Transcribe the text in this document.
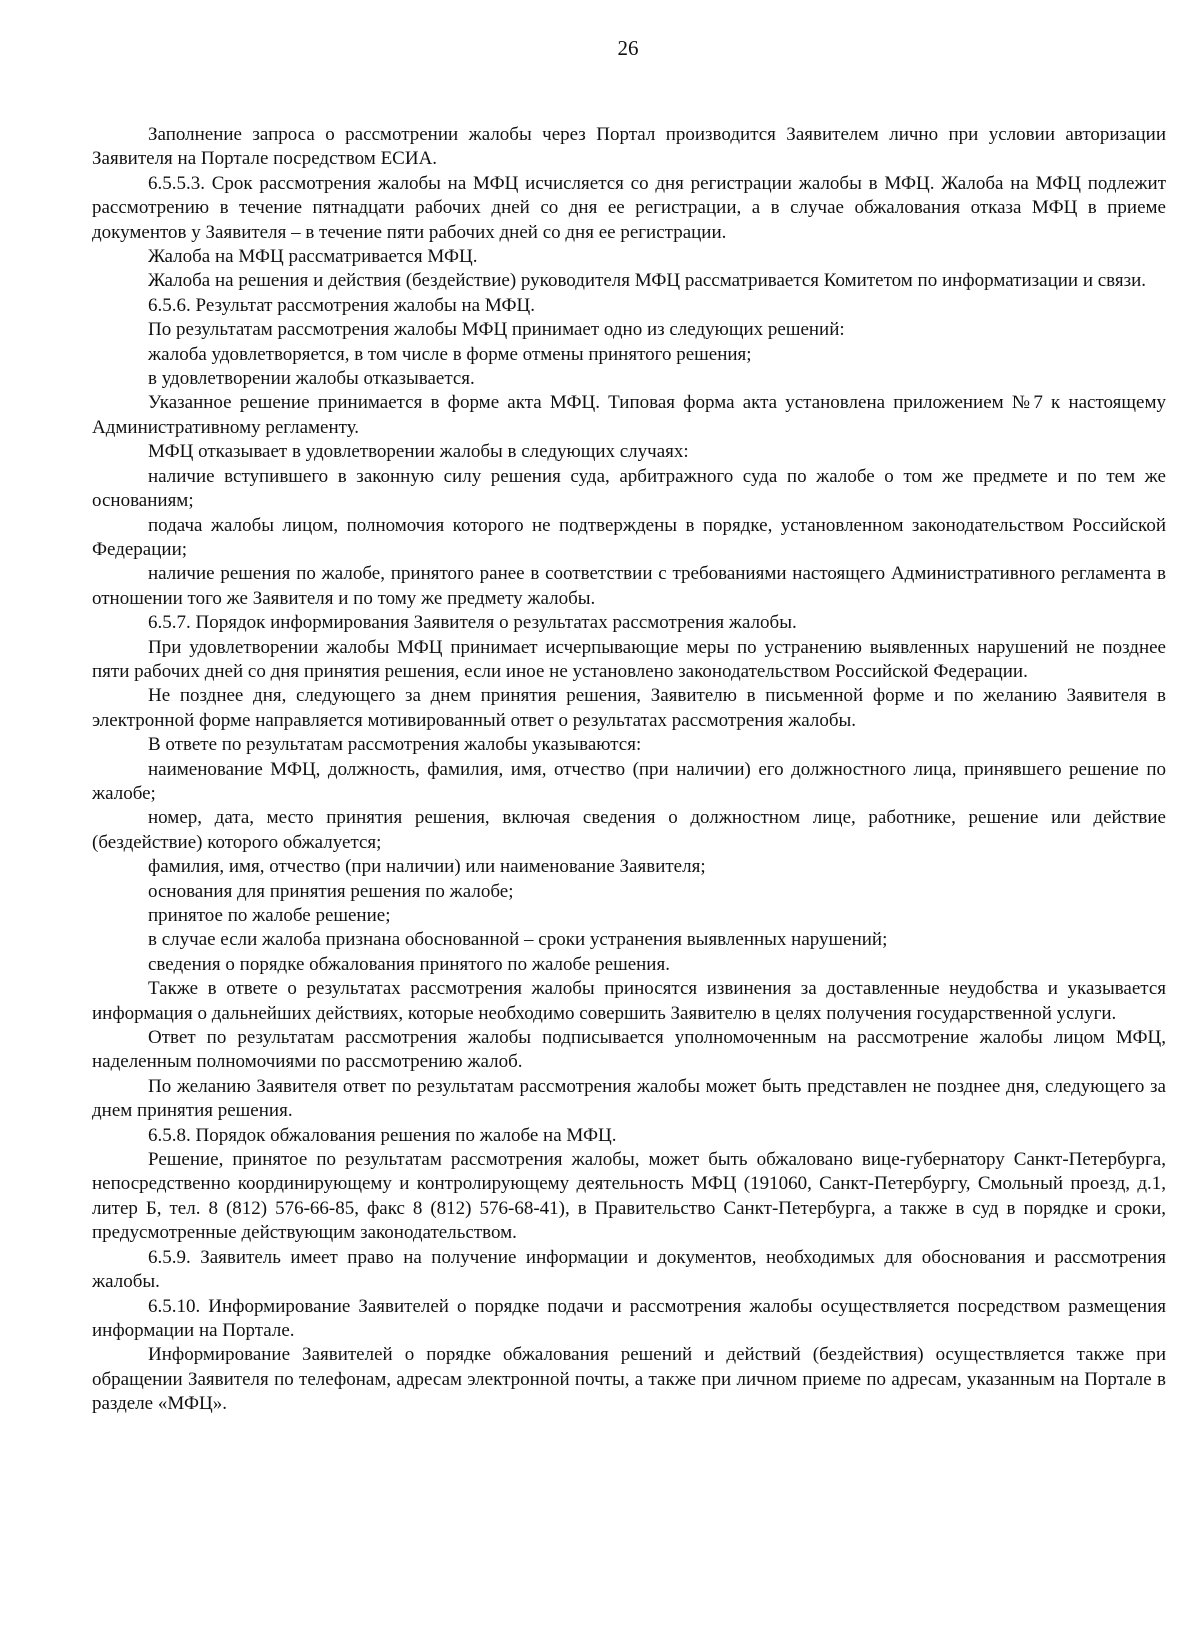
26

Заполнение запроса о рассмотрении жалобы через Портал производится Заявителем лично при условии авторизации Заявителя на Портале посредством ЕСИА.

6.5.5.3. Срок рассмотрения жалобы на МФЦ исчисляется со дня регистрации жалобы в МФЦ. Жалоба на МФЦ подлежит рассмотрению в течение пятнадцати рабочих дней со дня ее регистрации, а в случае обжалования отказа МФЦ в приеме документов у Заявителя – в течение пяти рабочих дней со дня ее регистрации.

Жалоба на МФЦ рассматривается МФЦ.

Жалоба на решения и действия (бездействие) руководителя МФЦ рассматривается Комитетом по информатизации и связи.

6.5.6. Результат рассмотрения жалобы на МФЦ.

По результатам рассмотрения жалобы МФЦ принимает одно из следующих решений:

жалоба удовлетворяется, в том числе в форме отмены принятого решения;

в удовлетворении жалобы отказывается.

Указанное решение принимается в форме акта МФЦ. Типовая форма акта установлена приложением №7 к настоящему Административному регламенту.

МФЦ отказывает в удовлетворении жалобы в следующих случаях:

наличие вступившего в законную силу решения суда, арбитражного суда по жалобе о том же предмете и по тем же основаниям;

подача жалобы лицом, полномочия которого не подтверждены в порядке, установленном законодательством Российской Федерации;

наличие решения по жалобе, принятого ранее в соответствии с требованиями настоящего Административного регламента в отношении того же Заявителя и по тому же предмету жалобы.

6.5.7. Порядок информирования Заявителя о результатах рассмотрения жалобы.

При удовлетворении жалобы МФЦ принимает исчерпывающие меры по устранению выявленных нарушений не позднее пяти рабочих дней со дня принятия решения, если иное не установлено законодательством Российской Федерации.

Не позднее дня, следующего за днем принятия решения, Заявителю в письменной форме и по желанию Заявителя в электронной форме направляется мотивированный ответ о результатах рассмотрения жалобы.

В ответе по результатам рассмотрения жалобы указываются:

наименование МФЦ, должность, фамилия, имя, отчество (при наличии) его должностного лица, принявшего решение по жалобе;

номер, дата, место принятия решения, включая сведения о должностном лице, работнике, решение или действие (бездействие) которого обжалуется;

фамилия, имя, отчество (при наличии) или наименование Заявителя;

основания для принятия решения по жалобе;

принятое по жалобе решение;

в случае если жалоба признана обоснованной – сроки устранения выявленных нарушений;

сведения о порядке обжалования принятого по жалобе решения.

Также в ответе о результатах рассмотрения жалобы приносятся извинения за доставленные неудобства и указывается информация о дальнейших действиях, которые необходимо совершить Заявителю в целях получения государственной услуги.

Ответ по результатам рассмотрения жалобы подписывается уполномоченным на рассмотрение жалобы лицом МФЦ, наделенным полномочиями по рассмотрению жалоб.

По желанию Заявителя ответ по результатам рассмотрения жалобы может быть представлен не позднее дня, следующего за днем принятия решения.

6.5.8. Порядок обжалования решения по жалобе на МФЦ.

Решение, принятое по результатам рассмотрения жалобы, может быть обжаловано вице-губернатору Санкт-Петербурга, непосредственно координирующему и контролирующему деятельность МФЦ (191060, Санкт-Петербургу, Смольный проезд, д.1, литер Б, тел. 8 (812) 576-66-85, факс 8 (812) 576-68-41), в Правительство Санкт-Петербурга, а также в суд в порядке и сроки, предусмотренные действующим законодательством.

6.5.9. Заявитель имеет право на получение информации и документов, необходимых для обоснования и рассмотрения жалобы.

6.5.10. Информирование Заявителей о порядке подачи и рассмотрения жалобы осуществляется посредством размещения информации на Портале.

Информирование Заявителей о порядке обжалования решений и действий (бездействия) осуществляется также при обращении Заявителя по телефонам, адресам электронной почты, а также при личном приеме по адресам, указанным на Портале в разделе «МФЦ».
